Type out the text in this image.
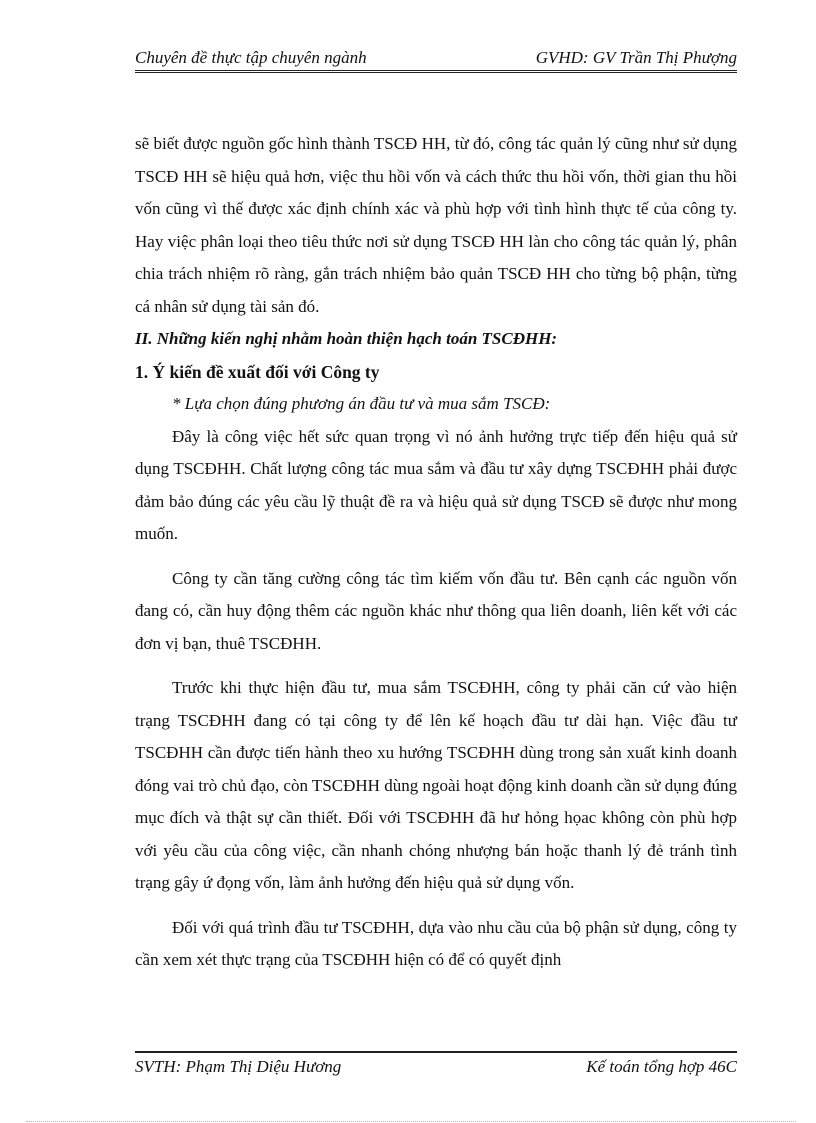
Chuyên đề thực tập chuyên ngành	GVHD: GV Trần Thị Phượng

sẽ biết được nguồn gốc hình thành TSCĐ HH, từ đó, công tác quản lý cũng như sử dụng TSCĐ HH sẽ hiệu quả hơn, việc thu hồi vốn và cách thức thu hồi vốn, thời gian thu hồi vốn cũng vì thế được xác định chính xác và phù hợp với tình hình thực tế của công ty. Hay việc phân loại theo tiêu thức nơi sử dụng TSCĐ HH làn cho công tác quản lý, phân chia trách nhiệm rõ ràng, gắn trách nhiệm bảo quản TSCĐ HH cho từng bộ phận, từng cá nhân sử dụng tài sản đó.

II. Những kiến nghị nhằm hoàn thiện hạch toán TSCĐHH:

1. Ý kiến đề xuất đối với Công ty

* Lựa chọn đúng phương án đầu tư và mua sắm TSCĐ:

Đây là công việc hết sức quan trọng vì nó ảnh hưởng trực tiếp đến hiệu quả sử dụng TSCĐHH. Chất lượng công tác mua sắm và đầu tư xây dựng TSCĐHH phải được đảm bảo đúng các yêu cầu lỹ thuật đề ra và hiệu quả sử dụng TSCĐ sẽ được như mong muốn.

Công ty cần tăng cường công tác tìm kiếm vốn đầu tư. Bên cạnh các nguồn vốn đang có, cần huy động thêm các nguồn khác như thông qua liên doanh, liên kết với các đơn vị bạn, thuê TSCĐHH.

Trước khi thực hiện đầu tư, mua sắm TSCĐHH, công ty phải căn cứ vào hiện trạng TSCĐHH đang có tại công ty để lên kế hoạch đầu tư dài hạn. Việc đầu tư TSCĐHH cần được tiến hành theo xu hướng TSCĐHH dùng trong sản xuất kinh doanh đóng vai trò chủ đạo, còn TSCĐHH dùng ngoài hoạt động kinh doanh cần sử dụng đúng mục đích và thật sự cần thiết. Đối với TSCĐHH đã hư hỏng họac không còn phù hợp với yêu cầu của công việc, cần nhanh chóng nhượng bán hoặc thanh lý đẻ tránh tình trạng gây ứ đọng vốn, làm ảnh hưởng đến hiệu quả sử dụng vốn.

Đối với quá trình đầu tư TSCĐHH, dựa vào nhu cầu của bộ phận sử dụng, công ty cần xem xét thực trạng của TSCĐHH hiện có để có quyết định

SVTH: Phạm Thị Diệu Hương	Kế toán tổng hợp 46C
